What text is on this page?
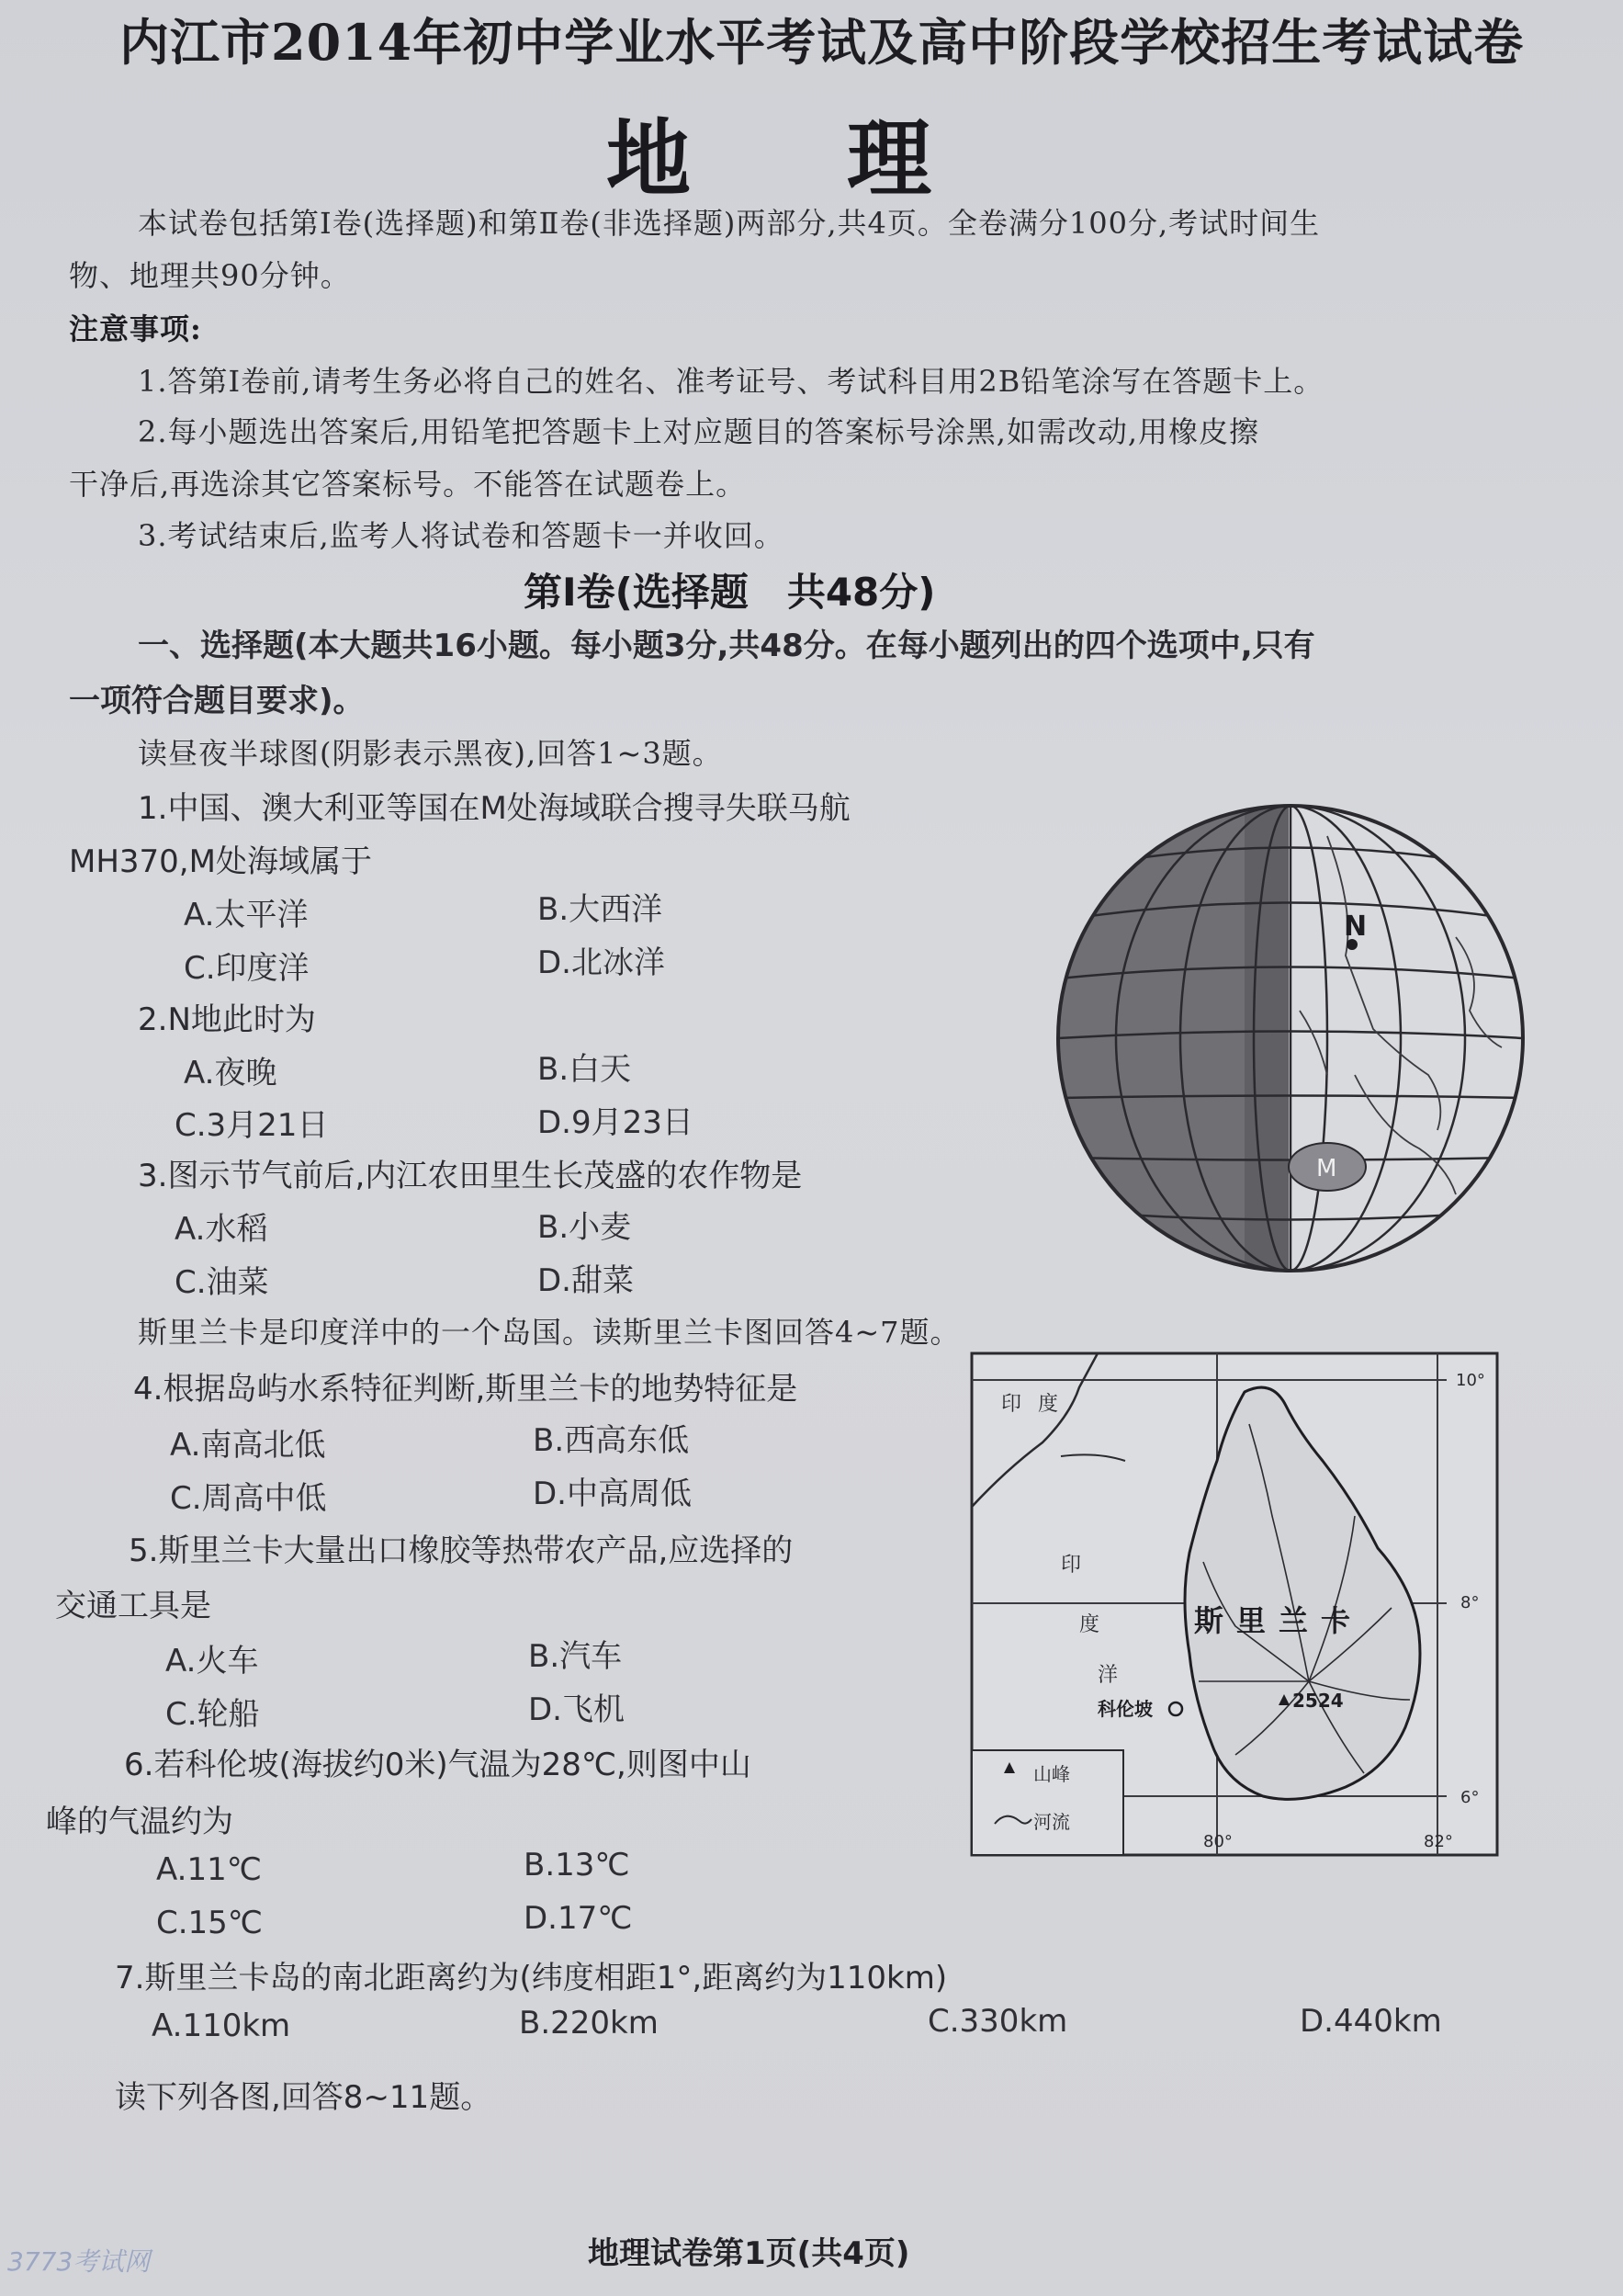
内江市2014年初中学业水平考试及高中阶段学校招生考试试卷
地理
本试卷包括第Ⅰ卷(选择题)和第Ⅱ卷(非选择题)两部分,共4页。全卷满分100分,考试时间生
物、地理共90分钟。
注意事项:
1.答第Ⅰ卷前,请考生务必将自己的姓名、准考证号、考试科目用2B铅笔涂写在答题卡上。
2.每小题选出答案后,用铅笔把答题卡上对应题目的答案标号涂黑,如需改动,用橡皮擦
干净后,再选涂其它答案标号。不能答在试题卷上。
3.考试结束后,监考人将试卷和答题卡一并收回。
第Ⅰ卷(选择题　共48分)
一、选择题(本大题共16小题。每小题3分,共48分。在每小题列出的四个选项中,只有
一项符合题目要求)。
读昼夜半球图(阴影表示黑夜),回答1~3题。
1.中国、澳大利亚等国在M处海域联合搜寻失联马航
MH370,M处海域属于
A.太平洋	B.大西洋
C.印度洋	D.北冰洋
2.N地此时为
A.夜晚	B.白天
C.3月21日	D.9月23日
3.图示节气前后,内江农田里生长茂盛的农作物是
A.水稻	B.小麦
C.油菜	D.甜菜
斯里兰卡是印度洋中的一个岛国。读斯里兰卡图回答4~7题。
4.根据岛屿水系特征判断,斯里兰卡的地势特征是
A.南高北低	B.西高东低
C.周高中低	D.中高周低
5.斯里兰卡大量出口橡胶等热带农产品,应选择的
交通工具是
A.火车	B.汽车
C.轮船	D.飞机
6.若科伦坡(海拔约0米)气温为28℃,则图中山
峰的气温约为
A.11℃	B.13℃
C.15℃	D.17℃
7.斯里兰卡岛的南北距离约为(纬度相距1°,距离约为110km)
A.110km	B.220km	C.330km	D.440km
读下列各图,回答8~11题。
N
M
山峰
河流
10°
8°
6°
80°	82°
印 度
印
度
洋
斯里兰卡
科伦坡	2524
地理试卷第1页(共4页)
3773考试网
